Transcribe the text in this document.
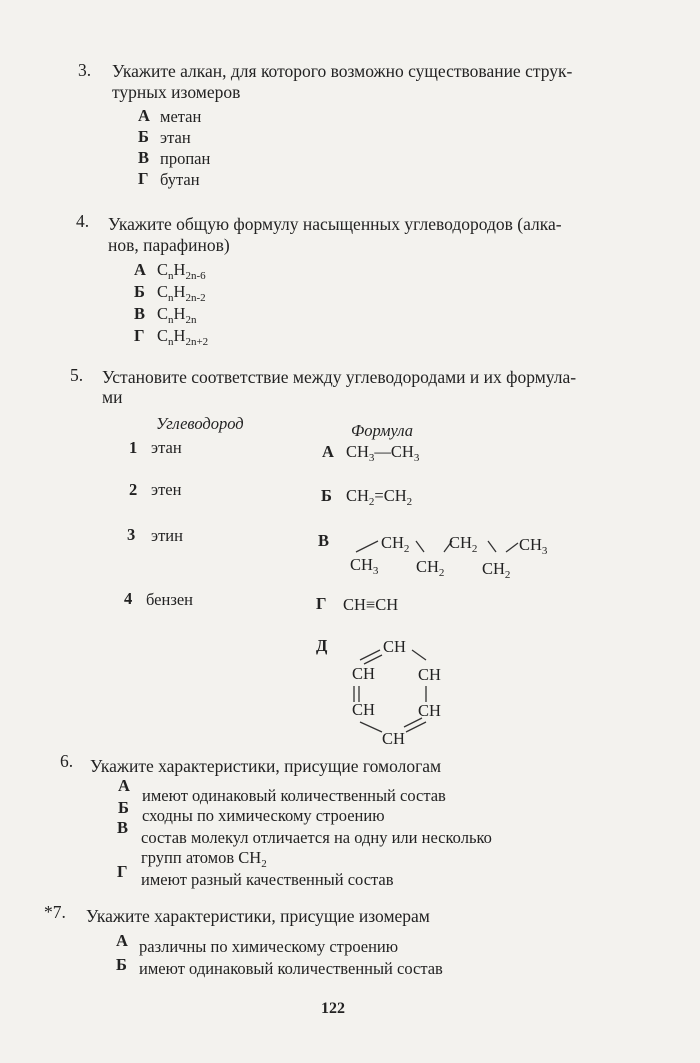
3. Укажите алкан, для которого возможно существование струк-
турных изомеров
А метан
Б этан
В пропан
Г бутан
4. Укажите общую формулу насыщенных углеводородов (алка-
нов, парафинов)
А $C_nH_{2n-6}$
Б $C_nH_{2n-2}$
В $C_nH_{2n}$
Г $C_nH_{2n+2}$
5. Установите соответствие между углеводородами и их формула-
ми
Углеводород	Формула
1 этан
2 этен
3 этин
4 бензен
А $CH_3—CH_3$
Б $CH_2=CH_2$
В	$CH_2$ $CH_2$	$CH_3$
$CH_3$ $CH_2$ $CH_2$
Г CH≡CH
Д	CH
CH	CH
CH	CH
CH
6. Укажите характеристики, присущие гомологам
А
имеют одинаковый количественный состав
Б сходны по химическому строению
В
состав молекул отличается на одну или несколько
групп атомов $CH_2$
Г имеют разный качественный состав
*7. Укажите характеристики, присущие изомерам
А различны по химическому строению
Б имеют одинаковый количественный состав
122
